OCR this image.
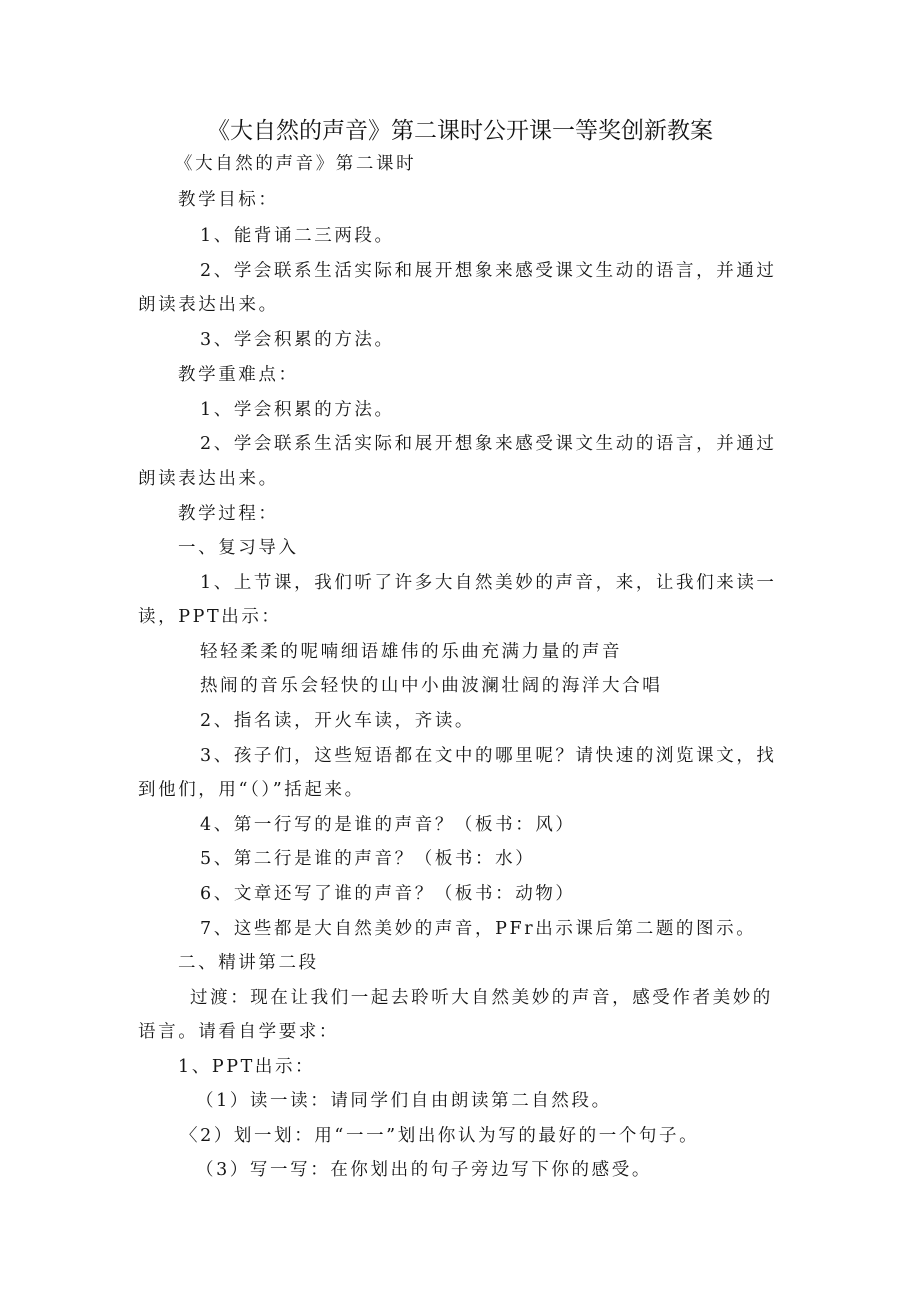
《大自然的声音》第二课时公开课一等奖创新教案
《大自然的声音》第二课时
教学目标：
1、能背诵二三两段。
2、学会联系生活实际和展开想象来感受课文生动的语言，并通过
朗读表达出来。
3、学会积累的方法。
教学重难点：
1、学会积累的方法。
2、学会联系生活实际和展开想象来感受课文生动的语言，并通过
朗读表达出来。
教学过程：
一、复习导入
1、上节课，我们听了许多大自然美妙的声音，来，让我们来读一
读，PPT出示：
轻轻柔柔的呢喃细语雄伟的乐曲充满力量的声音
热闹的音乐会轻快的山中小曲波澜壮阔的海洋大合唱
2、指名读，开火车读，齐读。
3、孩子们，这些短语都在文中的哪里呢？请快速的浏览课文，找
到他们，用“（）”括起来。
4、第一行写的是谁的声音？（板书：风）
5、第二行是谁的声音？（板书：水）
6、文章还写了谁的声音？（板书：动物）
7、这些都是大自然美妙的声音，PFr出示课后第二题的图示。
二、精讲第二段
过渡：现在让我们一起去聆听大自然美妙的声音，感受作者美妙的
语言。请看自学要求：
1、PPT出示：
（1）读一读：请同学们自由朗读第二自然段。
〈2）划一划：用“一一”划出你认为写的最好的一个句子。
（3）写一写：在你划出的句子旁边写下你的感受。
